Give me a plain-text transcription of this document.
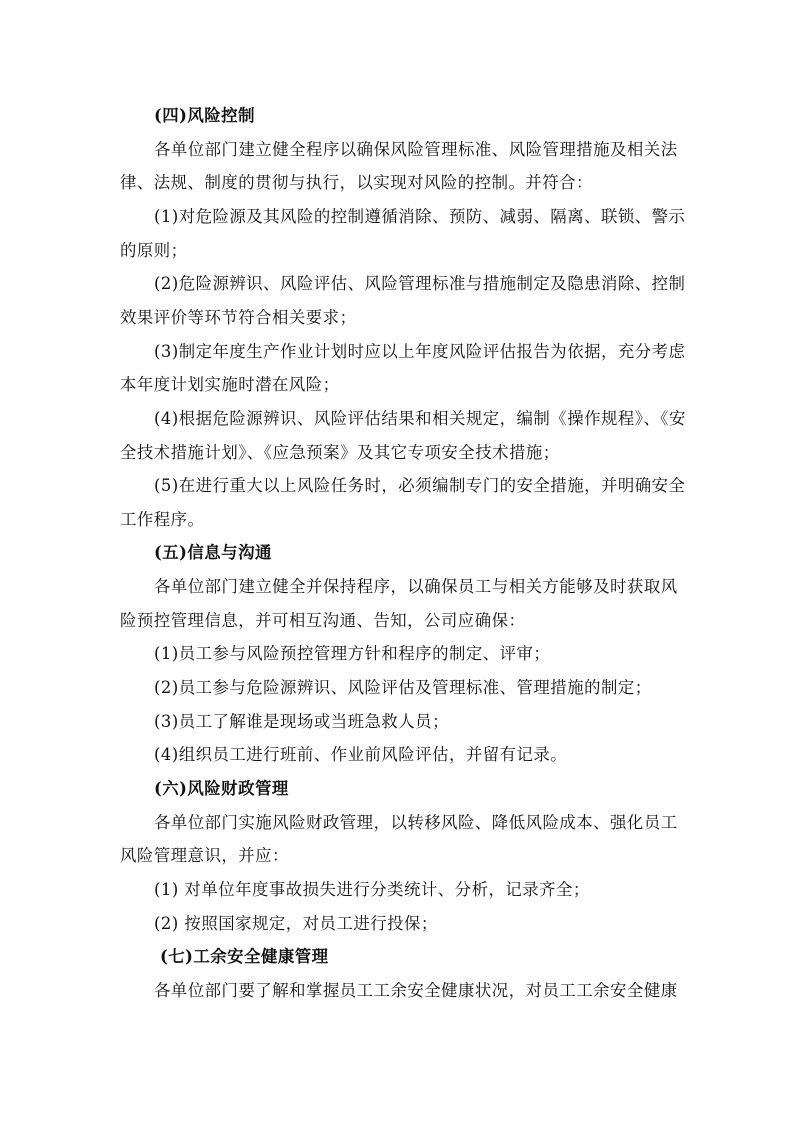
(四)风险控制
各单位部门建立健全程序以确保风险管理标准、风险管理措施及相关法
律、法规、制度的贯彻与执行，以实现对风险的控制。并符合：
(1)对危险源及其风险的控制遵循消除、预防、减弱、隔离、联锁、警示
的原则；
(2)危险源辨识、风险评估、风险管理标准与措施制定及隐患消除、控制
效果评价等环节符合相关要求；
(3)制定年度生产作业计划时应以上年度风险评估报告为依据，充分考虑
本年度计划实施时潜在风险；
(4)根据危险源辨识、风险评估结果和相关规定，编制《操作规程》、《安
全技术措施计划》、《应急预案》及其它专项安全技术措施；
(5)在进行重大以上风险任务时，必须编制专门的安全措施，并明确安全
工作程序。
(五)信息与沟通
各单位部门建立健全并保持程序，以确保员工与相关方能够及时获取风
险预控管理信息，并可相互沟通、告知，公司应确保：
(1)员工参与风险预控管理方针和程序的制定、评审；
(2)员工参与危险源辨识、风险评估及管理标准、管理措施的制定；
(3)员工了解谁是现场或当班急救人员；
(4)组织员工进行班前、作业前风险评估，并留有记录。
(六)风险财政管理
各单位部门实施风险财政管理，以转移风险、降低风险成本、强化员工
风险管理意识，并应：
(1) 对单位年度事故损失进行分类统计、分析，记录齐全；
(2) 按照国家规定，对员工进行投保；
(七)工余安全健康管理
各单位部门要了解和掌握员工工余安全健康状况，对员工工余安全健康
